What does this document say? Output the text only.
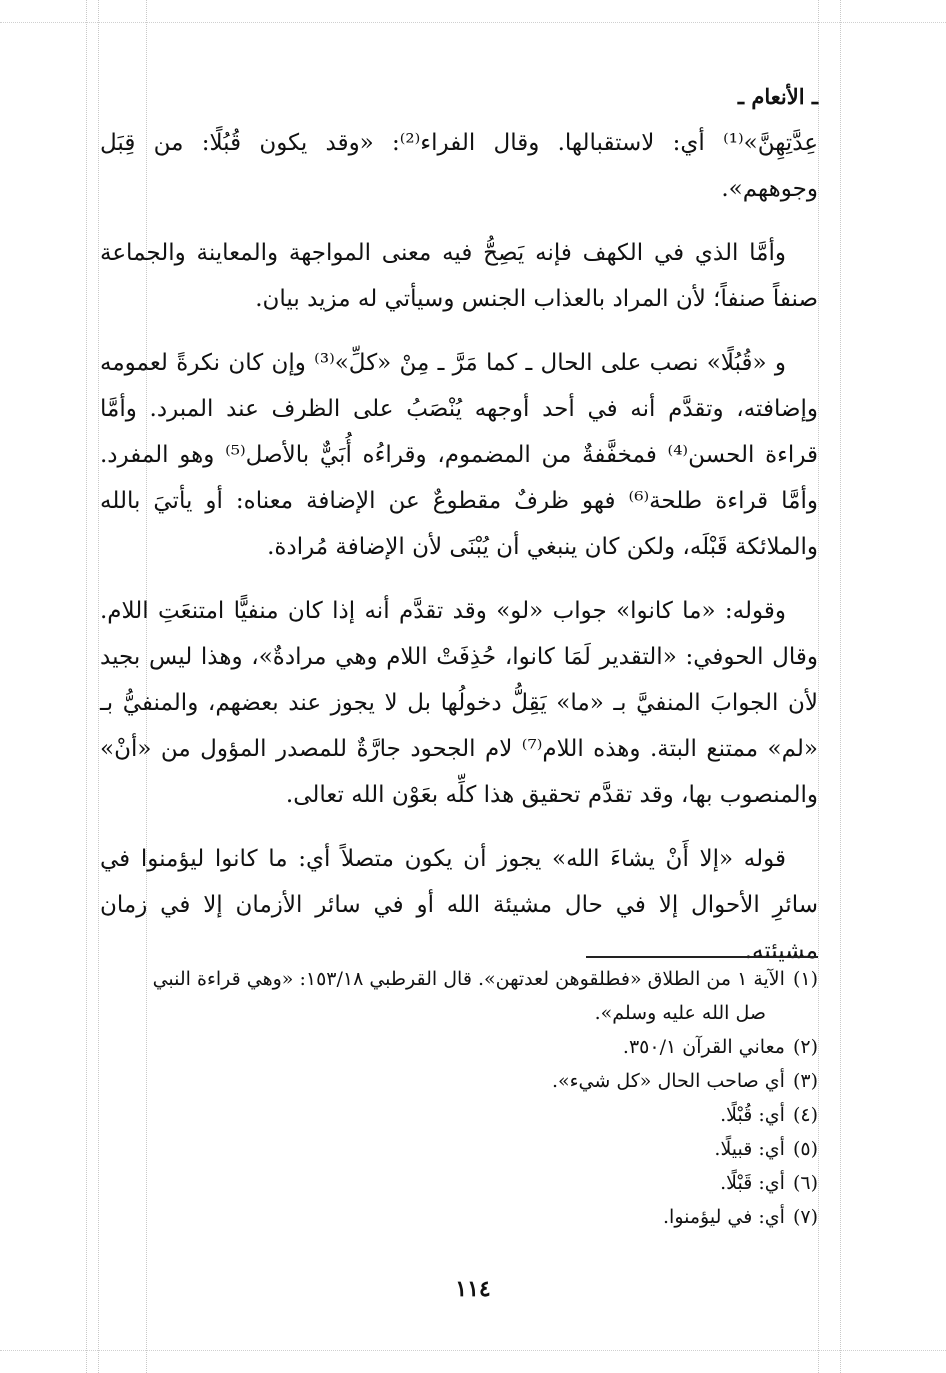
ـ الأنعام ـ

عِدَّتِهِنَّ»⁽¹⁾ أي: لاستقبالها. وقال الفراء⁽²⁾: «وقد يكون قُبُلًا: من قِبَل وجوههم».

وأمَّا الذي في الكهف فإنه يَصِحُّ فيه معنى المواجهة والمعاينة والجماعة صنفاً صنفاً؛ لأن المراد بالعذاب الجنس وسيأتي له مزيد بيان.

و «قُبُلًا» نصب على الحال ـ كما مَرَّ ـ مِنْ «كلِّ»⁽³⁾ وإن كان نكرةً لعمومه وإضافته، وتقدَّم أنه في أحد أوجهه يُنْصَبُ على الظرف عند المبرد. وأمَّا قراءة الحسن⁽⁴⁾ فمخفَّفةٌ من المضموم، وقراءُه أُبَيٌّ بالأصل⁽⁵⁾ وهو المفرد. وأمَّا قراءة طلحة⁽⁶⁾ فهو ظرفٌ مقطوعٌ عن الإضافة معناه: أو يأتيَ بالله والملائكة قَبْلَه، ولكن كان ينبغي أن يُبْنَى لأن الإضافة مُرادة.

وقوله: «ما كانوا» جواب «لو» وقد تقدَّم أنه إذا كان منفيًّا امتنعَتِ اللام. وقال الحوفي: «التقدير لَمَا كانوا، حُذِفَتْ اللام وهي مرادةٌ»، وهذا ليس بجيد لأن الجوابَ المنفيَّ بـ «ما» يَقِلُّ دخولُها بل لا يجوز عند بعضهم، والمنفيُّ بـ «لم» ممتنع البتة. وهذه اللام⁽⁷⁾ لام الجحود جارَّةٌ للمصدر المؤول من «أنْ» والمنصوب بها، وقد تقدَّم تحقيق هذا كلِّه بعَوْن الله تعالى.

قوله «إلا أَنْ يشاءَ الله» يجوز أن يكون متصلاً أي: ما كانوا ليؤمنوا في سائرِ الأحوال إلا في حال مشيئة الله أو في سائر الأزمان إلا في زمان مشيئته.

(١)الآية ١ من الطلاق «فطلقوهن لعدتهن». قال القرطبي ١٥٣/١٨: «وهي قراءة النبي

صل الله عليه وسلم».

(٢)معاني القرآن ٣٥٠/١.

(٣)أي صاحب الحال «كل شيء».

(٤)أي: قُبْلًا.

(٥)أي: قبيلًا.

(٦)أي: قَبْلًا.

(٧)أي: في ليؤمنوا.

١١٤
